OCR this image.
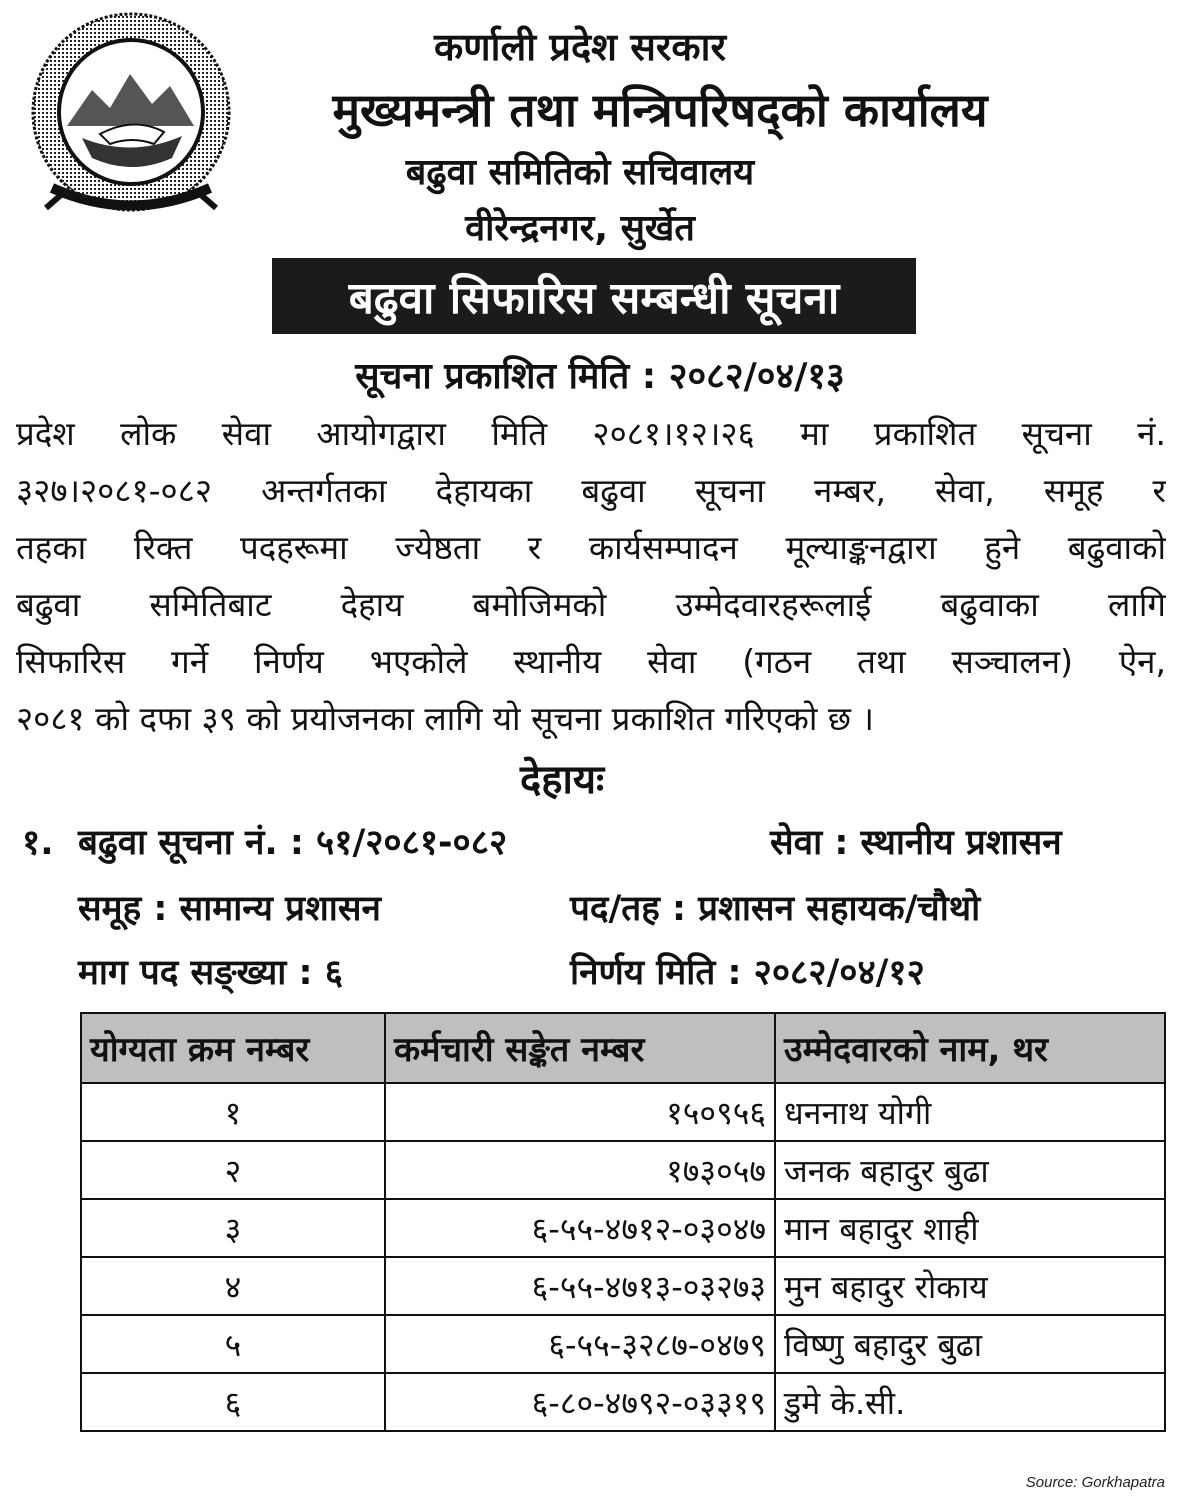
कर्णाली प्रदेश सरकार
मुख्यमन्त्री तथा मन्त्रिपरिषद्को कार्यालय
बढुवा समितिको सचिवालय
वीरेन्द्रनगर, सुर्खेत
बढुवा सिफारिस सम्बन्धी सूचना
सूचना प्रकाशित मिति : २०८२/०४/१३
प्रदेश लोक सेवा आयोगद्वारा मिति २०८१।१२।२६ मा प्रकाशित सूचना नं.
३२७।२०८१-०८२ अन्तर्गतका देहायका बढुवा सूचना नम्बर, सेवा, समूह र
तहका रिक्त पदहरूमा ज्येष्ठता र कार्यसम्पादन मूल्याङ्कनद्वारा हुने बढुवाको
बढुवा समितिबाट देहाय बमोजिमको उम्मेदवारहरूलाई बढुवाका लागि
सिफारिस गर्ने निर्णय भएकोले स्थानीय सेवा (गठन तथा सञ्चालन) ऐन,
२०८१ को दफा ३९ को प्रयोजनका लागि यो सूचना प्रकाशित गरिएको छ ।
देहायः
१. बढुवा सूचना नं. : ५१/२०८१-०८२	सेवा : स्थानीय प्रशासन
समूह : सामान्य प्रशासन	पद/तह : प्रशासन सहायक/चौथो
माग पद सङ्ख्या : ६	निर्णय मिति : २०८२/०४/१२
योग्यता क्रम नम्बर	कर्मचारी सङ्केत नम्बर	उम्मेदवारको नाम, थर
१	१५०९५६	धननाथ योगी
२	१७३०५७	जनक बहादुर बुढा
३	६-५५-४७१२-०३०४७	मान बहादुर शाही
४	६-५५-४७१३-०३२७३	मुन बहादुर रोकाय
५	६-५५-३२८७-०४७९	विष्णु बहादुर बुढा
६	६-८०-४७९२-०३३१९	डुमे के.सी.
Source: Gorkhapatra
